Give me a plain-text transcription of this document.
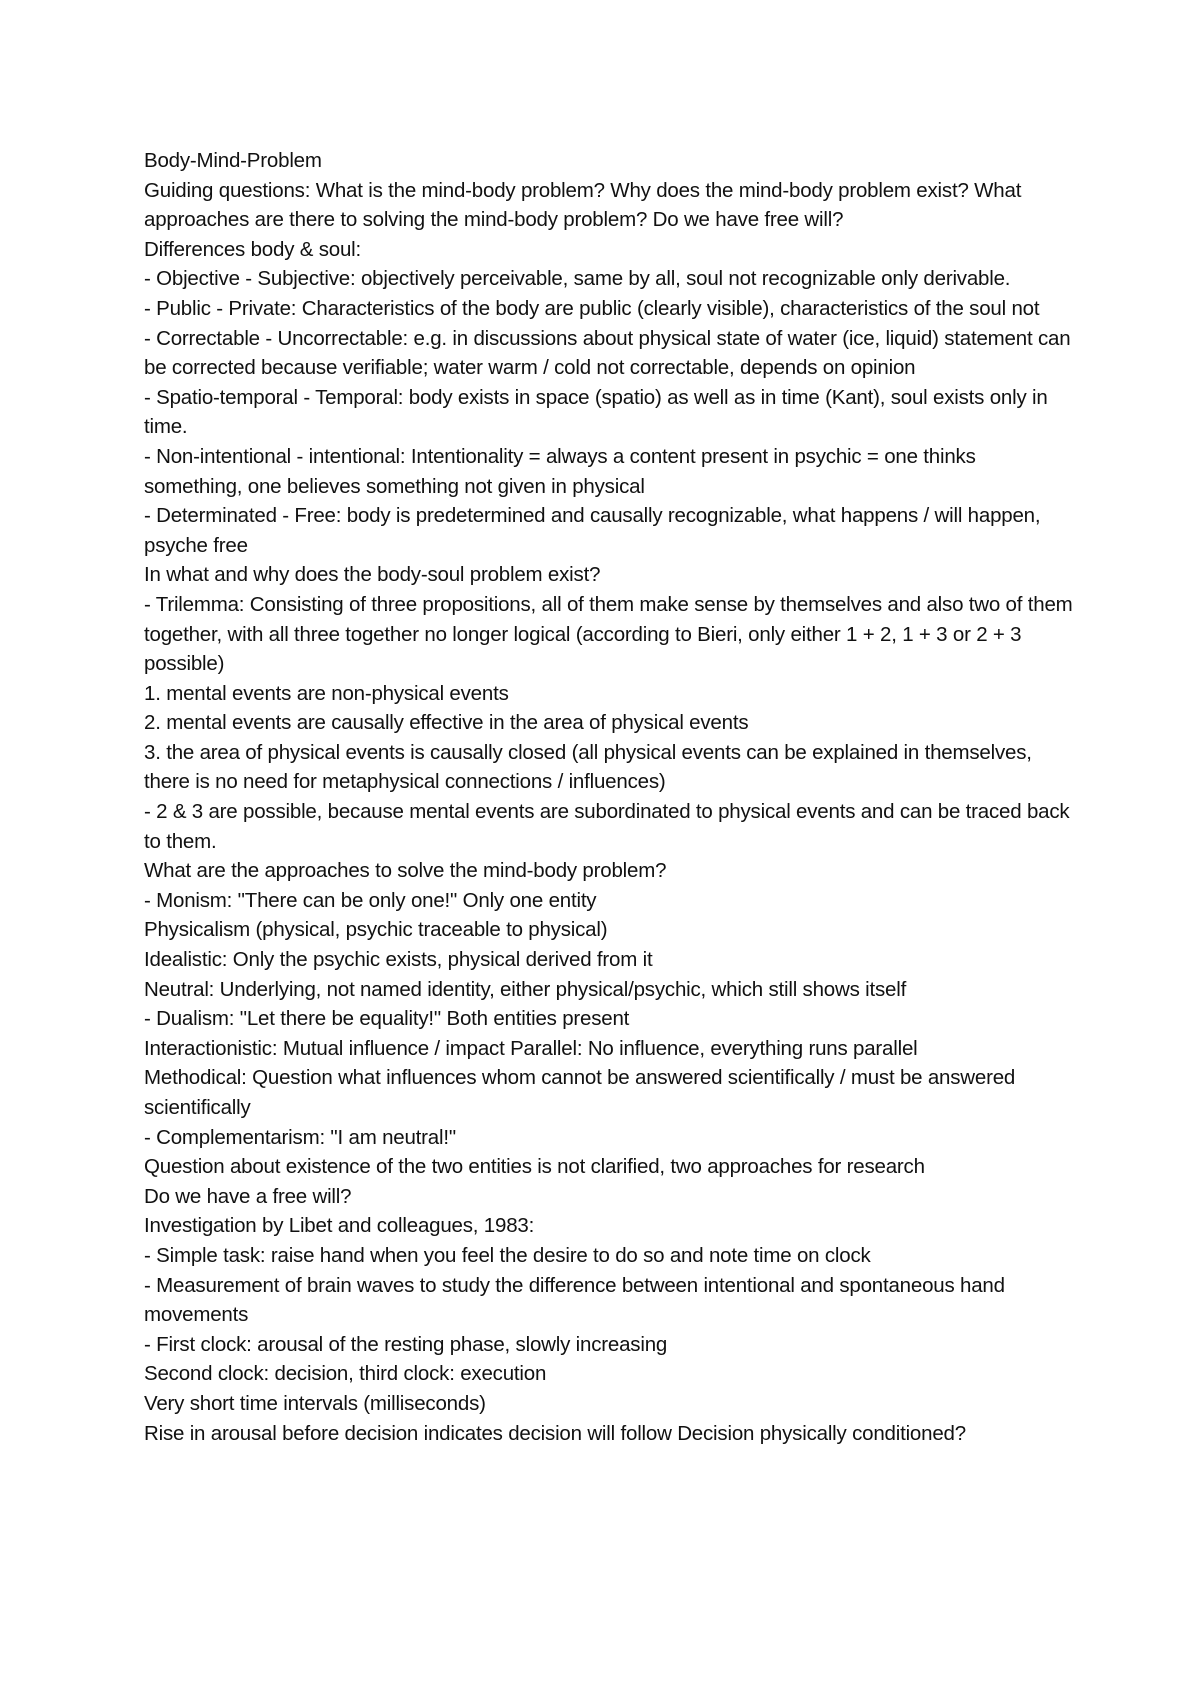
Body-Mind-Problem

Guiding questions: What is the mind-body problem? Why does the mind-body problem exist? What approaches are there to solving the mind-body problem? Do we have free will?

Differences body & soul:

- Objective - Subjective: objectively perceivable, same by all, soul not recognizable only derivable.

- Public - Private: Characteristics of the body are public (clearly visible), characteristics of the soul not

- Correctable - Uncorrectable: e.g. in discussions about physical state of water (ice, liquid) statement can be corrected because verifiable; water warm / cold not correctable, depends on opinion

- Spatio-temporal - Temporal: body exists in space (spatio) as well as in time (Kant), soul exists only in time.

- Non-intentional - intentional: Intentionality = always a content present in psychic = one thinks something, one believes something not given in physical

- Determinated - Free: body is predetermined and causally recognizable, what happens / will happen, psyche free

In what and why does the body-soul problem exist?

- Trilemma: Consisting of three propositions, all of them make sense by themselves and also two of them together, with all three together no longer logical (according to Bieri, only either 1 + 2, 1 + 3 or 2 + 3 possible)

1. mental events are non-physical events

2. mental events are causally effective in the area of physical events

3. the area of physical events is causally closed (all physical events can be explained in themselves, there is no need for metaphysical connections / influences)

- 2 & 3 are possible, because mental events are subordinated to physical events and can be traced back to them.

What are the approaches to solve the mind-body problem?

- Monism: "There can be only one!" Only one entity

Physicalism (physical, psychic traceable to physical)

Idealistic: Only the psychic exists, physical derived from it

Neutral: Underlying, not named identity, either physical/psychic, which still shows itself

- Dualism: "Let there be equality!" Both entities present

Interactionistic: Mutual influence / impact Parallel: No influence, everything runs parallel

Methodical: Question what influences whom cannot be answered scientifically / must be answered scientifically

- Complementarism: "I am neutral!"

Question about existence of the two entities is not clarified, two approaches for research

Do we have a free will?

Investigation by Libet and colleagues, 1983:

- Simple task: raise hand when you feel the desire to do so and note time on clock

- Measurement of brain waves to study the difference between intentional and spontaneous hand movements

- First clock: arousal of the resting phase, slowly increasing

Second clock: decision, third clock: execution

Very short time intervals (milliseconds)

Rise in arousal before decision indicates decision will follow Decision physically conditioned?
